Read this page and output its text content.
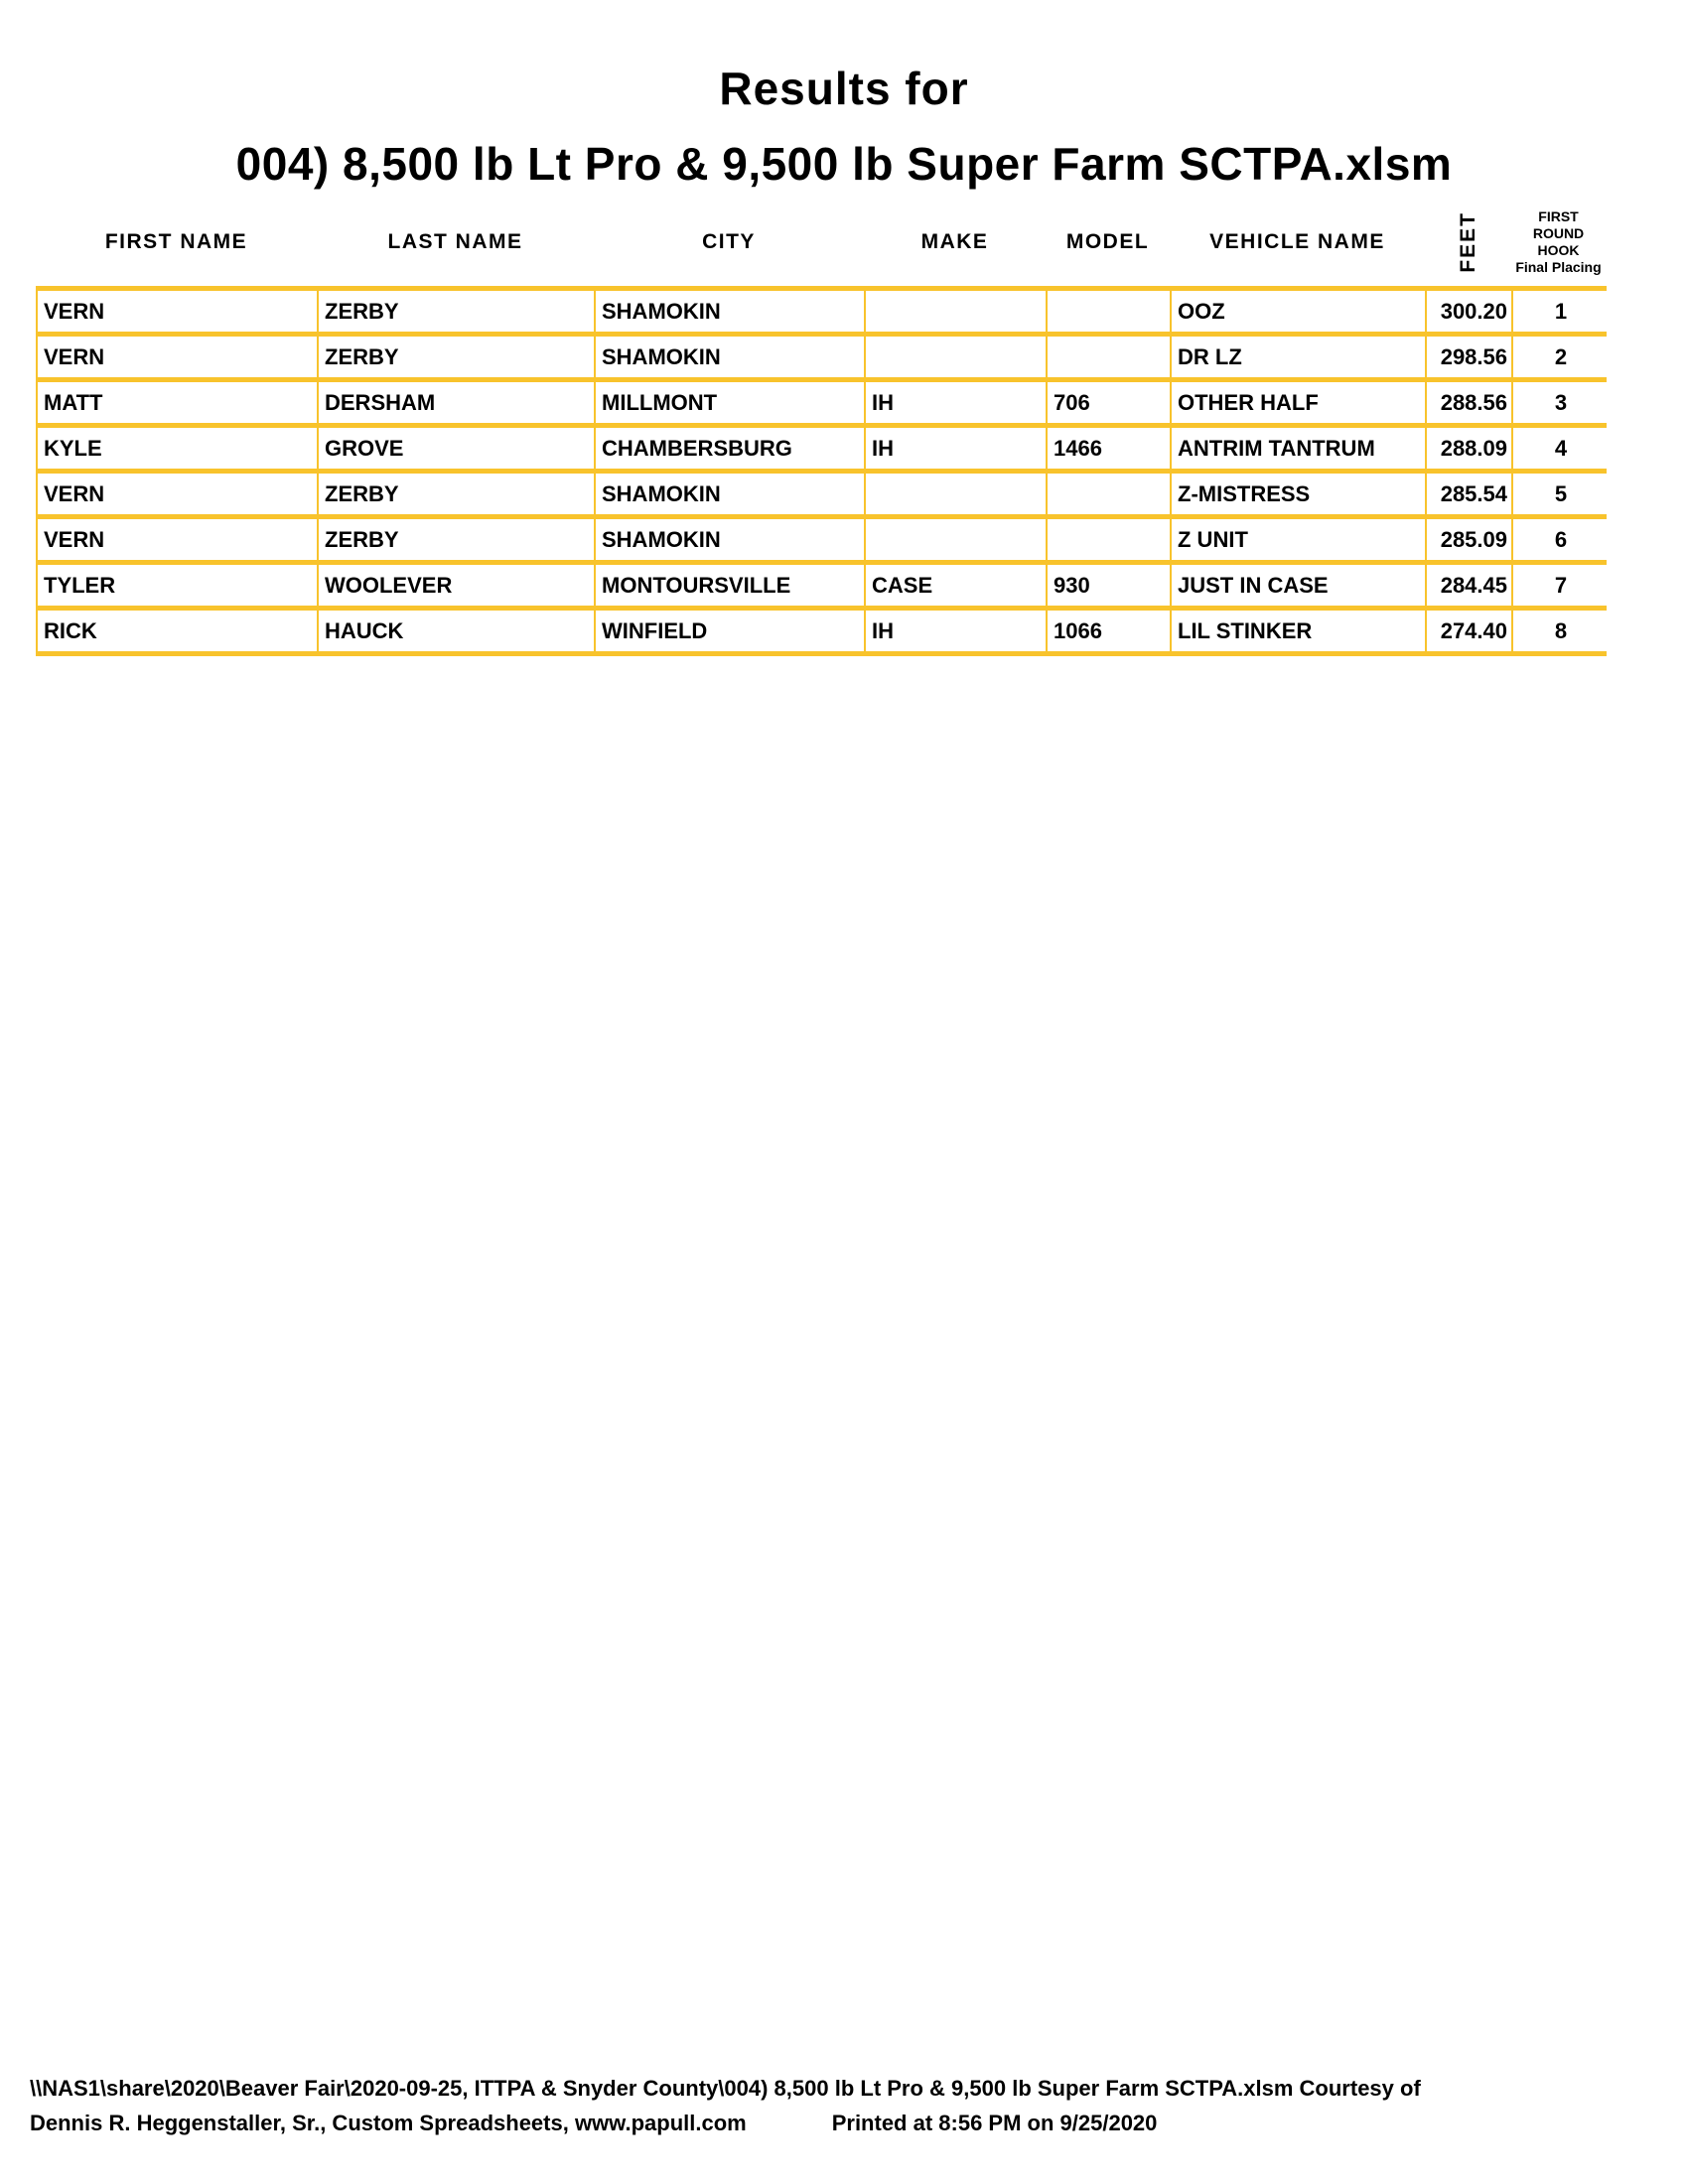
Results for
004) 8,500 lb Lt Pro & 9,500 lb Super Farm SCTPA.xlsm
FIRST NAME	LAST NAME	CITY	MAKE	MODEL	VEHICLE NAME	FEET	FIRST ROUND
HOOK
Final Placing
VERN	ZERBY	SHAMOKIN			OOZ	300.20	1
VERN	ZERBY	SHAMOKIN			DR LZ	298.56	2
MATT	DERSHAM	MILLMONT	IH	706	OTHER HALF	288.56	3
KYLE	GROVE	CHAMBERSBURG	IH	1466	ANTRIM TANTRUM	288.09	4
VERN	ZERBY	SHAMOKIN			Z-MISTRESS	285.54	5
VERN	ZERBY	SHAMOKIN			Z UNIT	285.09	6
TYLER	WOOLEVER	MONTOURSVILLE	CASE	930	JUST IN CASE	284.45	7
RICK	HAUCK	WINFIELD	IH	1066	LIL STINKER	274.40	8
\\NAS1\share\2020\Beaver Fair\2020-09-25, ITTPA & Snyder County\004) 8,500 lb Lt Pro & 9,500 lb Super Farm SCTPA.xlsm Courtesy of
Dennis R. Heggenstaller, Sr., Custom Spreadsheets, www.papull.com	Printed at 8:56 PM on 9/25/2020
